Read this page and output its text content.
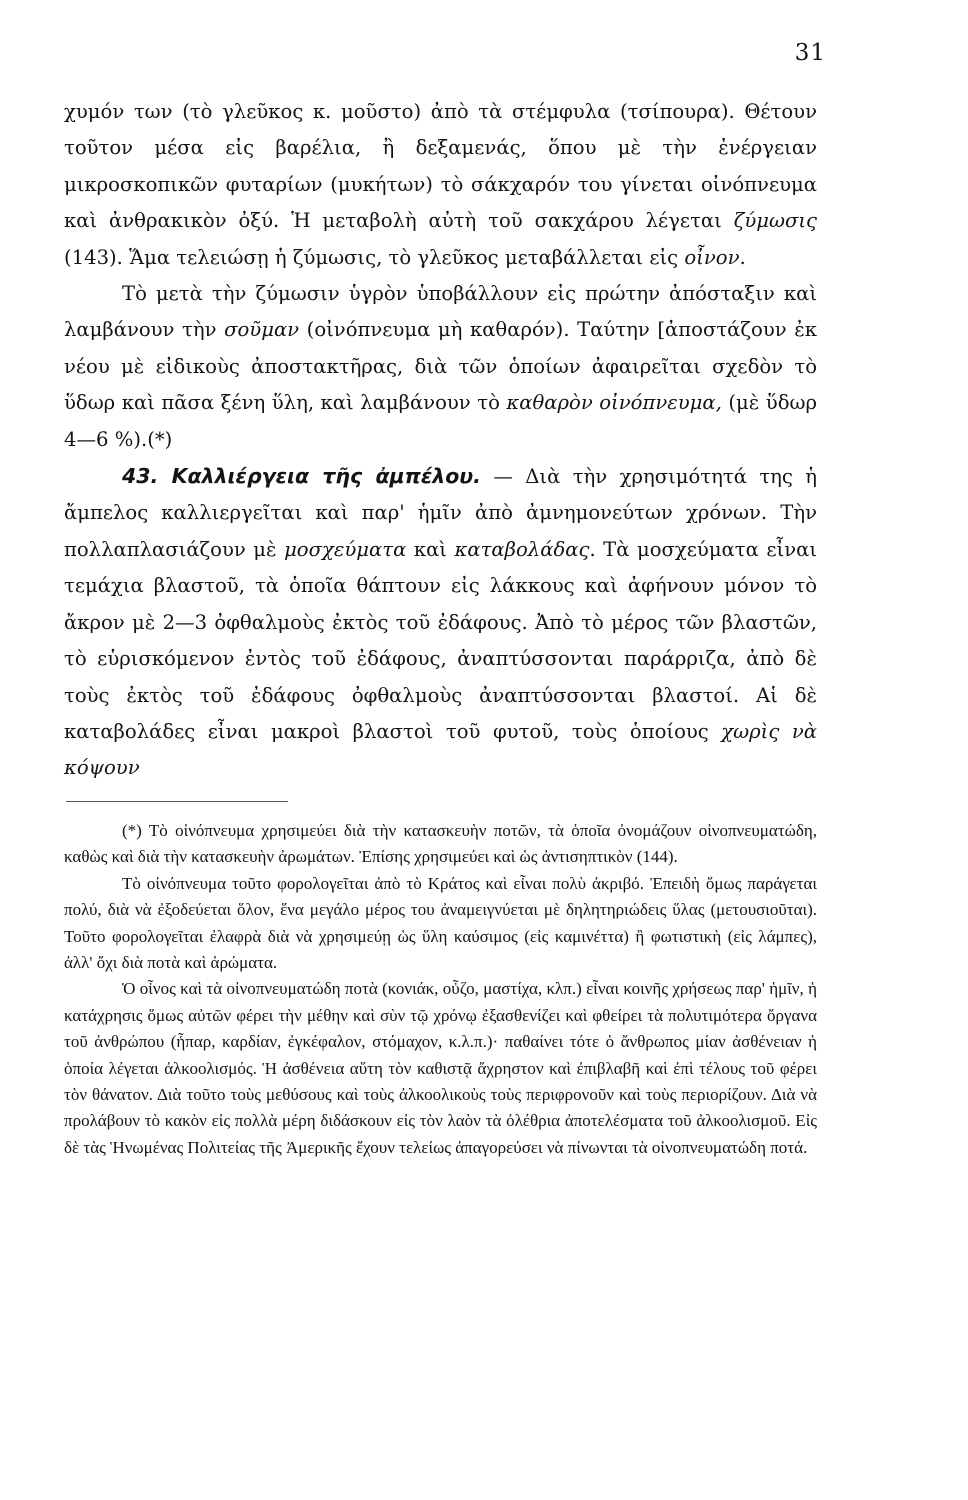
31

χυμόν των (τὸ γλεῦκος κ. μοῦστο) ἀπὸ τὰ στέμφυλα (τσίπουρα). Θέτουν τοῦτον μέσα εἰς βαρέλια, ἢ δεξαμενάς, ὅπου μὲ τὴν ἐνέργειαν μικροσκοπικῶν φυταρίων (μυκήτων) τὸ σάκχαρόν του γίνεται οἰνόπνευμα καὶ ἀνθρακικὸν ὀξύ. Ἡ μεταβολὴ αὐτὴ τοῦ σακχάρου λέγεται ζύμωσις (143). Ἅμα τελειώσῃ ἡ ζύμωσις, τὸ γλεῦκος μεταβάλλεται εἰς οἶνον.

Τὸ μετὰ τὴν ζύμωσιν ὑγρὸν ὑποβάλλουν εἰς πρώτην ἀπόσταξιν καὶ λαμβάνουν τὴν σοῦμαν (οἰνόπνευμα μὴ καθαρόν). Ταύτην [ἀποστάζουν ἐκ νέου μὲ εἰδικοὺς ἀποστακτῆρας, διὰ τῶν ὁποίων ἀφαιρεῖται σχεδὸν τὸ ὕδωρ καὶ πᾶσα ξένη ὕλη, καὶ λαμβάνουν τὸ καθαρὸν οἰνόπνευμα, (μὲ ὕδωρ 4—6 %).(*)

43. Καλλιέργεια τῆς ἀμπέλου. — Διὰ τὴν χρησιμότητά της ἡ ἄμπελος καλλιεργεῖται καὶ παρ' ἡμῖν ἀπὸ ἀμνημονεύτων χρόνων. Τὴν πολλαπλασιάζουν μὲ μοσχεύματα καὶ καταβολάδας. Τὰ μοσχεύματα εἶναι τεμάχια βλαστοῦ, τὰ ὁποῖα θάπτουν εἰς λάκκους καὶ ἀφήνουν μόνον τὸ ἄκρον μὲ 2—3 ὀφθαλμοὺς ἐκτὸς τοῦ ἐδάφους. Ἀπὸ τὸ μέρος τῶν βλαστῶν, τὸ εὑρισκόμενον ἐντὸς τοῦ ἐδάφους, ἀναπτύσσονται παράρριζα, ἀπὸ δὲ τοὺς ἐκτὸς τοῦ ἐδάφους ὀφθαλμοὺς ἀναπτύσσονται βλαστοί. Αἱ δὲ καταβολάδες εἶναι μακροὶ βλαστοὶ τοῦ φυτοῦ, τοὺς ὁποίους χωρὶς νὰ κόψουν

(*) Τὸ οἰνόπνευμα χρησιμεύει διὰ τὴν κατασκευὴν ποτῶν, τὰ ὁποῖα ὀνομάζουν οἰνοπνευματώδη, καθὼς καὶ διὰ τὴν κατασκευὴν ἀρωμάτων. Ἐπίσης χρησιμεύει καὶ ὡς ἀντισηπτικὸν (144).

Τὸ οἰνόπνευμα τοῦτο φορολογεῖται ἀπὸ τὸ Κράτος καὶ εἶναι πολὺ ἀκριβό. Ἐπειδὴ ὅμως παράγεται πολύ, διὰ νὰ ἐξοδεύεται ὅλον, ἕνα μεγάλο μέρος του ἀναμειγνύεται μὲ δηλητηριώδεις ὕλας (μετουσιοῦται). Τοῦτο φορολογεῖται ἐλαφρὰ διὰ νὰ χρησιμεύῃ ὡς ὕλη καύσιμος (εἰς καμινέττα) ἢ φωτιστικὴ (εἰς λάμπες), ἀλλ' ὄχι διὰ ποτὰ καὶ ἀρώματα.

Ὁ οἶνος καὶ τὰ οἰνοπνευματώδη ποτὰ (κονιάκ, οὖζο, μαστίχα, κλπ.) εἶναι κοινῆς χρήσεως παρ' ἡμῖν, ἡ κατάχρησις ὅμως αὐτῶν φέρει τὴν μέθην καὶ σὺν τῷ χρόνῳ ἐξασθενίζει καὶ φθείρει τὰ πολυτιμότερα ὄργανα τοῦ ἀνθρώπου (ἧπαρ, καρδίαν, ἐγκέφαλον, στόμαχον, κ.λ.π.)· παθαίνει τότε ὁ ἄνθρωπος μίαν ἀσθένειαν ἡ ὁποία λέγεται ἀλκοολισμός. Ἡ ἀσθένεια αὕτη τὸν καθιστᾷ ἄχρηστον καὶ ἐπιβλαβῆ καὶ ἐπὶ τέλους τοῦ φέρει τὸν θάνατον. Διὰ τοῦτο τοὺς μεθύσους καὶ τοὺς ἀλκοολικοὺς τοὺς περιφρονοῦν καὶ τοὺς περιορίζουν. Διὰ νὰ προλάβουν τὸ κακὸν εἰς πολλὰ μέρη διδάσκουν εἰς τὸν λαὸν τὰ ὀλέθρια ἀποτελέσματα τοῦ ἀλκοολισμοῦ. Εἰς δὲ τὰς Ἡνωμένας Πολιτείας τῆς Ἀμερικῆς ἔχουν τελείως ἀπαγορεύσει νὰ πίνωνται τὰ οἰνοπνευματώδη ποτά.
